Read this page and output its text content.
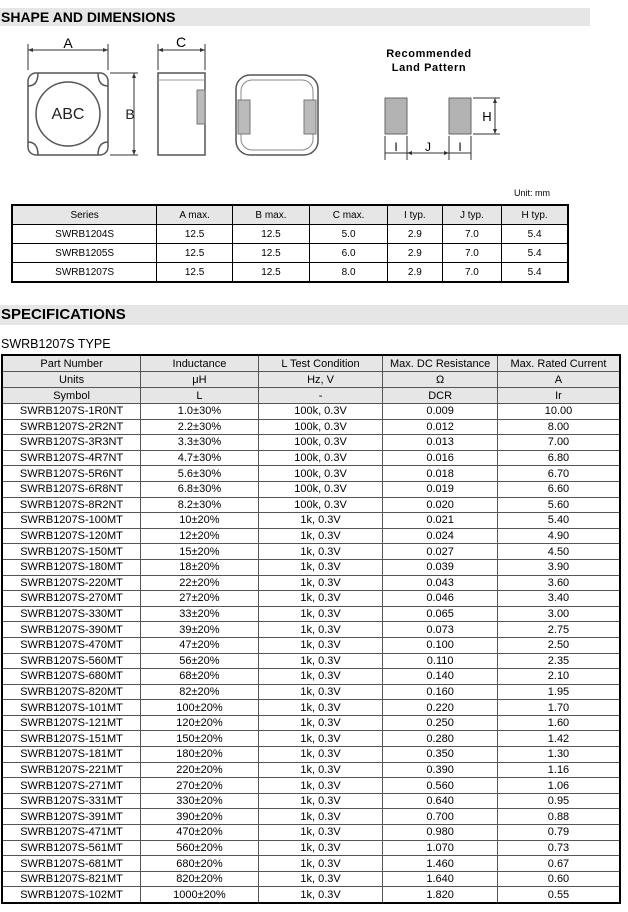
SHAPE AND DIMENSIONS
ABC
A
B
C
I J I
H
Recommended
Land Pattern
Unit: mm
Series	A max.	B max.	C max.	I typ.	J typ.	H typ.
SWRB1204S	12.5	12.5	5.0	2.9	7.0	5.4
SWRB1205S	12.5	12.5	6.0	2.9	7.0	5.4
SWRB1207S	12.5	12.5	8.0	2.9	7.0	5.4
SPECIFICATIONS
SWRB1207S TYPE
Part Number	Inductance	L Test Condition	Max. DC Resistance	Max. Rated Current
Units	μH	Hz, V	Ω	A
Symbol	L	-	DCR	Ir
SWRB1207S-1R0NT	1.0±30%	100k, 0.3V	0.009	10.00
SWRB1207S-2R2NT	2.2±30%	100k, 0.3V	0.012	8.00
SWRB1207S-3R3NT	3.3±30%	100k, 0.3V	0.013	7.00
SWRB1207S-4R7NT	4.7±30%	100k, 0.3V	0.016	6.80
SWRB1207S-5R6NT	5.6±30%	100k, 0.3V	0.018	6.70
SWRB1207S-6R8NT	6.8±30%	100k, 0.3V	0.019	6.60
SWRB1207S-8R2NT	8.2±30%	100k, 0.3V	0.020	5.60
SWRB1207S-100MT	10±20%	1k, 0.3V	0.021	5.40
SWRB1207S-120MT	12±20%	1k, 0.3V	0.024	4.90
SWRB1207S-150MT	15±20%	1k, 0.3V	0.027	4.50
SWRB1207S-180MT	18±20%	1k, 0.3V	0.039	3.90
SWRB1207S-220MT	22±20%	1k, 0.3V	0.043	3.60
SWRB1207S-270MT	27±20%	1k, 0.3V	0.046	3.40
SWRB1207S-330MT	33±20%	1k, 0.3V	0.065	3.00
SWRB1207S-390MT	39±20%	1k, 0.3V	0.073	2.75
SWRB1207S-470MT	47±20%	1k, 0.3V	0.100	2.50
SWRB1207S-560MT	56±20%	1k, 0.3V	0.110	2.35
SWRB1207S-680MT	68±20%	1k, 0.3V	0.140	2.10
SWRB1207S-820MT	82±20%	1k, 0.3V	0.160	1.95
SWRB1207S-101MT	100±20%	1k, 0.3V	0.220	1.70
SWRB1207S-121MT	120±20%	1k, 0.3V	0.250	1.60
SWRB1207S-151MT	150±20%	1k, 0.3V	0.280	1.42
SWRB1207S-181MT	180±20%	1k, 0.3V	0.350	1.30
SWRB1207S-221MT	220±20%	1k, 0.3V	0.390	1.16
SWRB1207S-271MT	270±20%	1k, 0.3V	0.560	1.06
SWRB1207S-331MT	330±20%	1k, 0.3V	0.640	0.95
SWRB1207S-391MT	390±20%	1k, 0.3V	0.700	0.88
SWRB1207S-471MT	470±20%	1k, 0.3V	0.980	0.79
SWRB1207S-561MT	560±20%	1k, 0.3V	1.070	0.73
SWRB1207S-681MT	680±20%	1k, 0.3V	1.460	0.67
SWRB1207S-821MT	820±20%	1k, 0.3V	1.640	0.60
SWRB1207S-102MT	1000±20%	1k, 0.3V	1.820	0.55
